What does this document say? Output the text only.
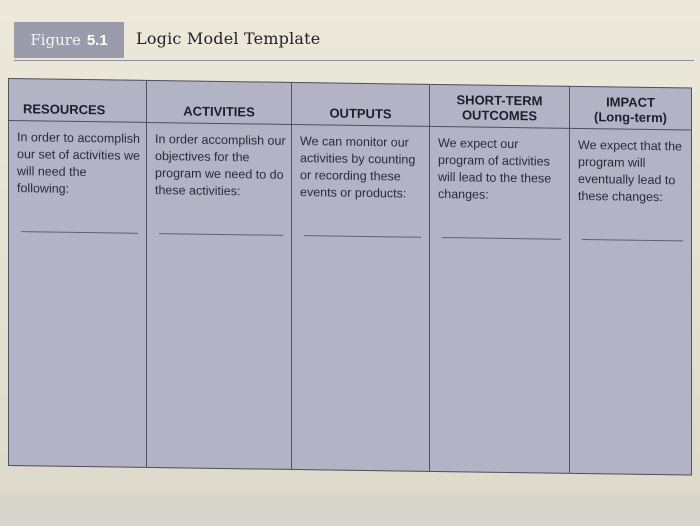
Figure 5.1 Logic Model Template
RESOURCES
In order to accomplish our set of activities we will need the following:
ACTIVITIES
In order accomplish our objectives for the program we need to do these activities:
OUTPUTS
We can monitor our activities by counting or recording these events or products:
SHORT-TERM
OUTCOMES
We expect our program of activities will lead to the these changes:
IMPACT
(Long-term)
We expect that the program will eventually lead to these changes:
